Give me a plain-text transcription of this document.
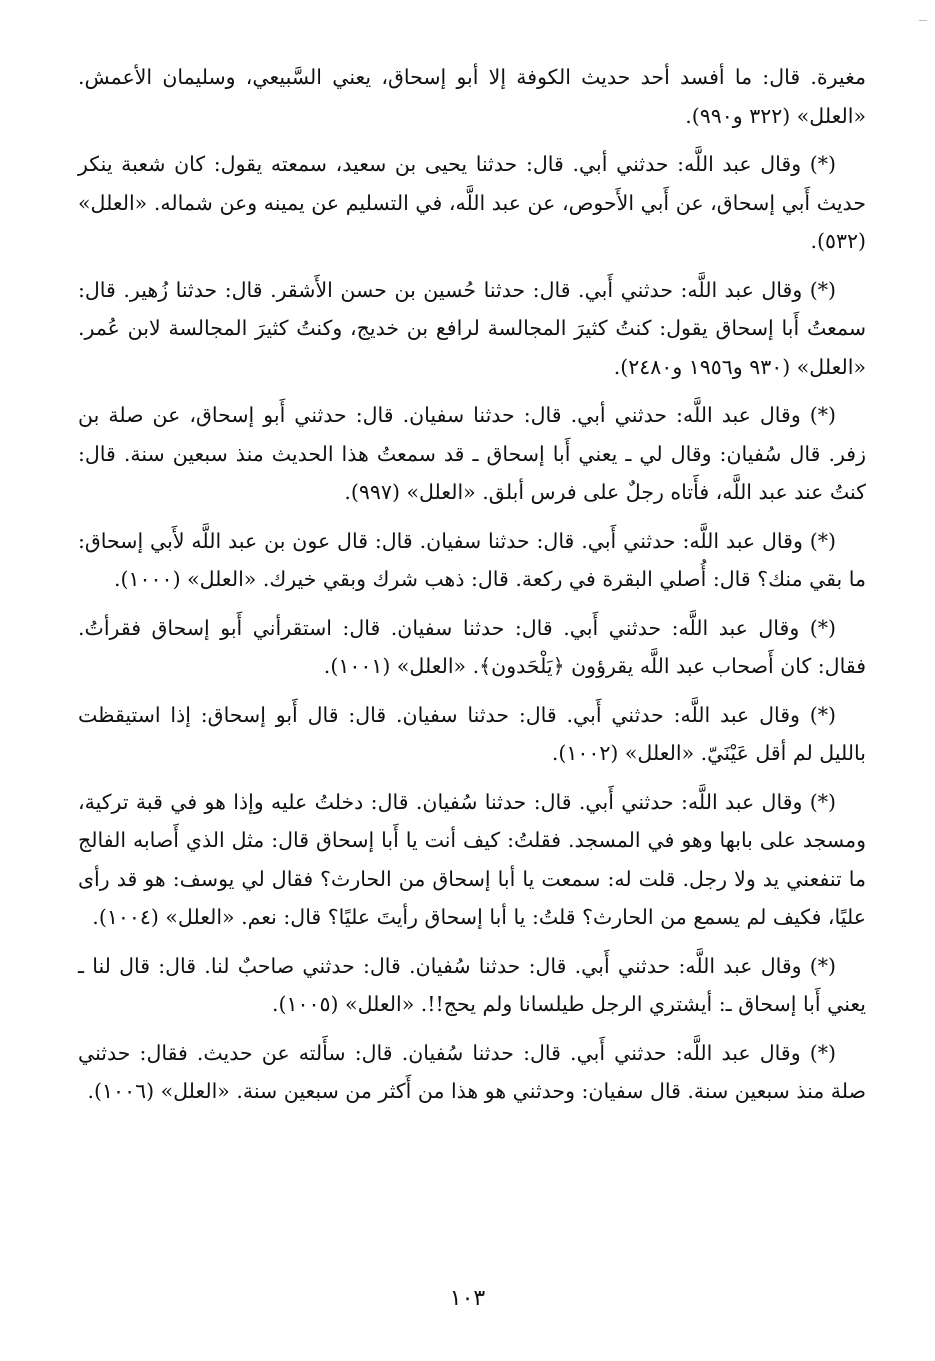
مغيرة. قال: ما أفسد أحد حديث الكوفة إلا أبو إسحاق، يعني السَّبيعي، وسليمان الأعمش. «العلل» (٣٢٢ و٩٩٠).

(*) وقال عبد اللَّه: حدثني أبي. قال: حدثنا يحيى بن سعيد، سمعته يقول: كان شعبة ينكر حديث أَبي إسحاق، عن أَبي الأَحوص، عن عبد اللَّه، في التسليم عن يمينه وعن شماله. «العلل» (٥٣٢).

(*) وقال عبد اللَّه: حدثني أَبي. قال: حدثنا حُسين بن حسن الأَشقر. قال: حدثنا زُهير. قال: سمعتُ أَبا إسحاق يقول: كنتُ كثيرَ المجالسة لرافع بن خديج، وكنتُ كثيرَ المجالسة لابن عُمر. «العلل» (٩٣٠ و١٩٥٦ و٢٤٨٠).

(*) وقال عبد اللَّه: حدثني أبي. قال: حدثنا سفيان. قال: حدثني أَبو إسحاق، عن صلة بن زفر. قال سُفيان: وقال لي ـ يعني أَبا إسحاق ـ قد سمعتُ هذا الحديث منذ سبعين سنة. قال: كنتُ عند عبد اللَّه، فأَتاه رجلٌ على فرس أبلق. «العلل» (٩٩٧).

(*) وقال عبد اللَّه: حدثني أَبي. قال: حدثنا سفيان. قال: قال عون بن عبد اللَّه لأَبي إسحاق: ما بقي منك؟ قال: أُصلي البقرة في ركعة. قال: ذهب شرك وبقي خيرك. «العلل» (١٠٠٠).

(*) وقال عبد اللَّه: حدثني أَبي. قال: حدثنا سفيان. قال: استقرأني أَبو إسحاق فقرأتُ. فقال: كان أَصحاب عبد اللَّه يقرؤون ﴿يَلْحَدون﴾. «العلل» (١٠٠١).

(*) وقال عبد اللَّه: حدثني أَبي. قال: حدثنا سفيان. قال: قال أَبو إسحاق: إذا استيقظت بالليل لم أقل عَيْنَيّ. «العلل» (١٠٠٢).

(*) وقال عبد اللَّه: حدثني أَبي. قال: حدثنا سُفيان. قال: دخلتُ عليه وإذا هو في قبة تركية، ومسجد على بابها وهو في المسجد. فقلتُ: كيف أنت يا أَبا إسحاق قال: مثل الذي أَصابه الفالج ما تنفعني يد ولا رجل. قلت له: سمعت يا أبا إسحاق من الحارث؟ فقال لي يوسف: هو قد رأى عليًا، فكيف لم يسمع من الحارث؟ قلتُ: يا أبا إسحاق رأيتَ عليًا؟ قال: نعم. «العلل» (١٠٠٤).

(*) وقال عبد اللَّه: حدثني أَبي. قال: حدثنا سُفيان. قال: حدثني صاحبٌ لنا. قال: قال لنا ـ يعني أَبا إسحاق ـ: أيشتري الرجل طيلسانا ولم يحج!!. «العلل» (١٠٠٥).

(*) وقال عبد اللَّه: حدثني أَبي. قال: حدثنا سُفيان. قال: سأَلته عن حديث. فقال: حدثني صلة منذ سبعين سنة. قال سفيان: وحدثني هو هذا من أَكثر من سبعين سنة. «العلل» (١٠٠٦).

١٠٣
